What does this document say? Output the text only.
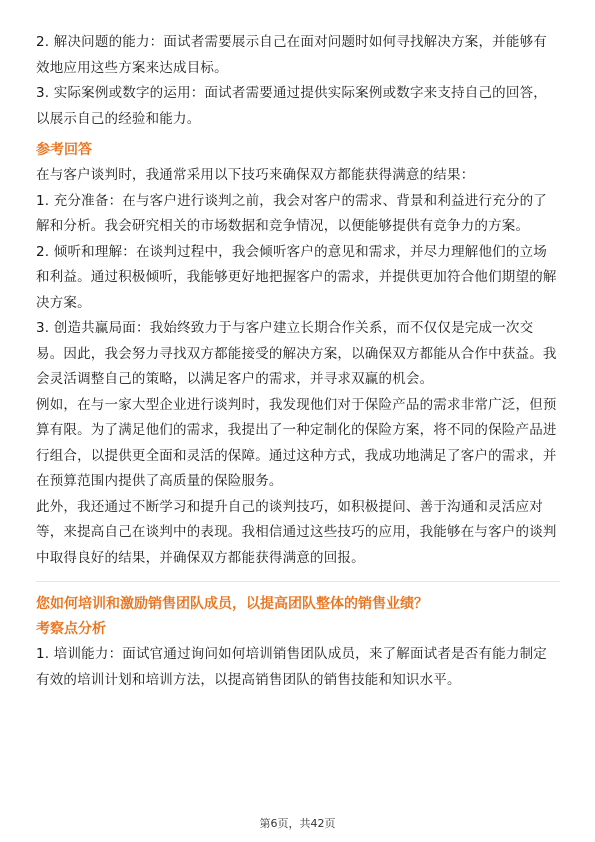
2. 解决问题的能力：面试者需要展示自己在面对问题时如何寻找解决方案，并能够有效地应用这些方案来达成目标。

3. 实际案例或数字的运用：面试者需要通过提供实际案例或数字来支持自己的回答，以展示自己的经验和能力。

参考回答

在与客户谈判时，我通常采用以下技巧来确保双方都能获得满意的结果：

1. 充分准备：在与客户进行谈判之前，我会对客户的需求、背景和利益进行充分的了解和分析。我会研究相关的市场数据和竞争情况，以便能够提供有竞争力的方案。

2. 倾听和理解：在谈判过程中，我会倾听客户的意见和需求，并尽力理解他们的立场和利益。通过积极倾听，我能够更好地把握客户的需求，并提供更加符合他们期望的解决方案。

3. 创造共赢局面：我始终致力于与客户建立长期合作关系，而不仅仅是完成一次交易。因此，我会努力寻找双方都能接受的解决方案，以确保双方都能从合作中获益。我会灵活调整自己的策略，以满足客户的需求，并寻求双赢的机会。

例如，在与一家大型企业进行谈判时，我发现他们对于保险产品的需求非常广泛，但预算有限。为了满足他们的需求，我提出了一种定制化的保险方案，将不同的保险产品进行组合，以提供更全面和灵活的保障。通过这种方式，我成功地满足了客户的需求，并在预算范围内提供了高质量的保险服务。

此外，我还通过不断学习和提升自己的谈判技巧，如积极提问、善于沟通和灵活应对等，来提高自己在谈判中的表现。我相信通过这些技巧的应用，我能够在与客户的谈判中取得良好的结果，并确保双方都能获得满意的回报。

您如何培训和激励销售团队成员，以提高团队整体的销售业绩？

考察点分析

1. 培训能力：面试官通过询问如何培训销售团队成员，来了解面试者是否有能力制定有效的培训计划和培训方法，以提高销售团队的销售技能和知识水平。

第6页，共42页
